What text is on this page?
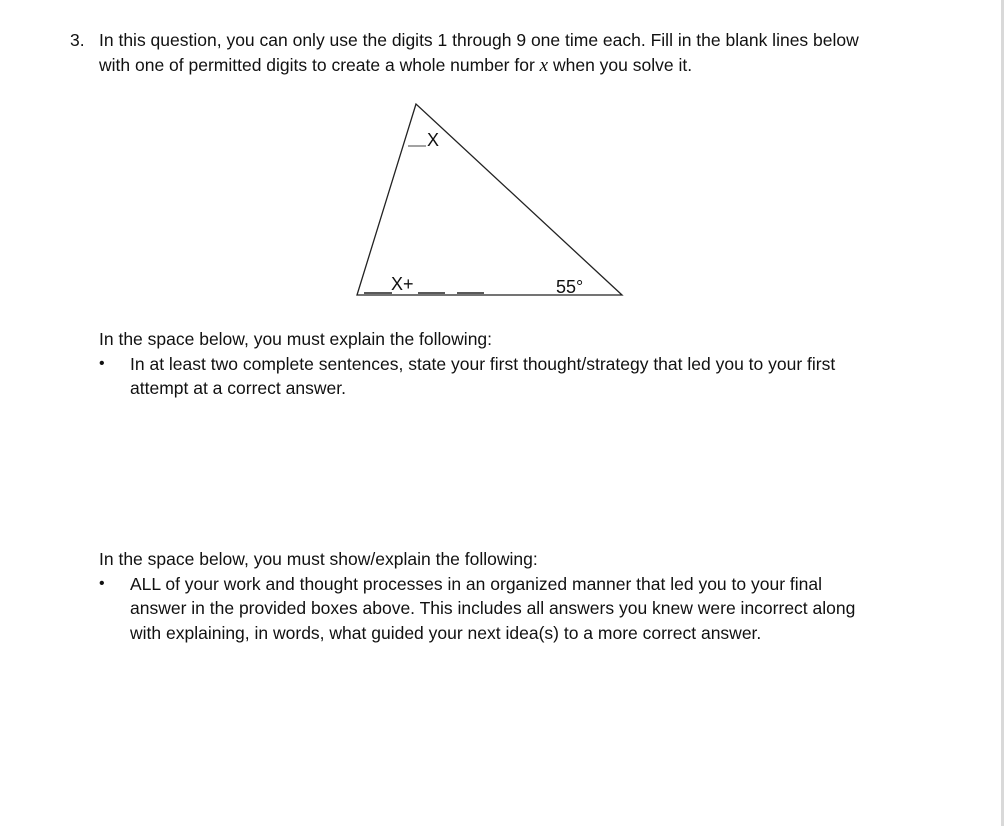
3. In this question, you can only use the digits 1 through 9 one time each. Fill in the blank lines below
with one of permitted digits to create a whole number for x when you solve it.
X
X+	55°
In the space below, you must explain the following:
• In at least two complete sentences, state your first thought/strategy that led you to your first
attempt at a correct answer.
In the space below, you must show/explain the following:
• ALL of your work and thought processes in an organized manner that led you to your final
answer in the provided boxes above. This includes all answers you knew were incorrect along
with explaining, in words, what guided your next idea(s) to a more correct answer.
